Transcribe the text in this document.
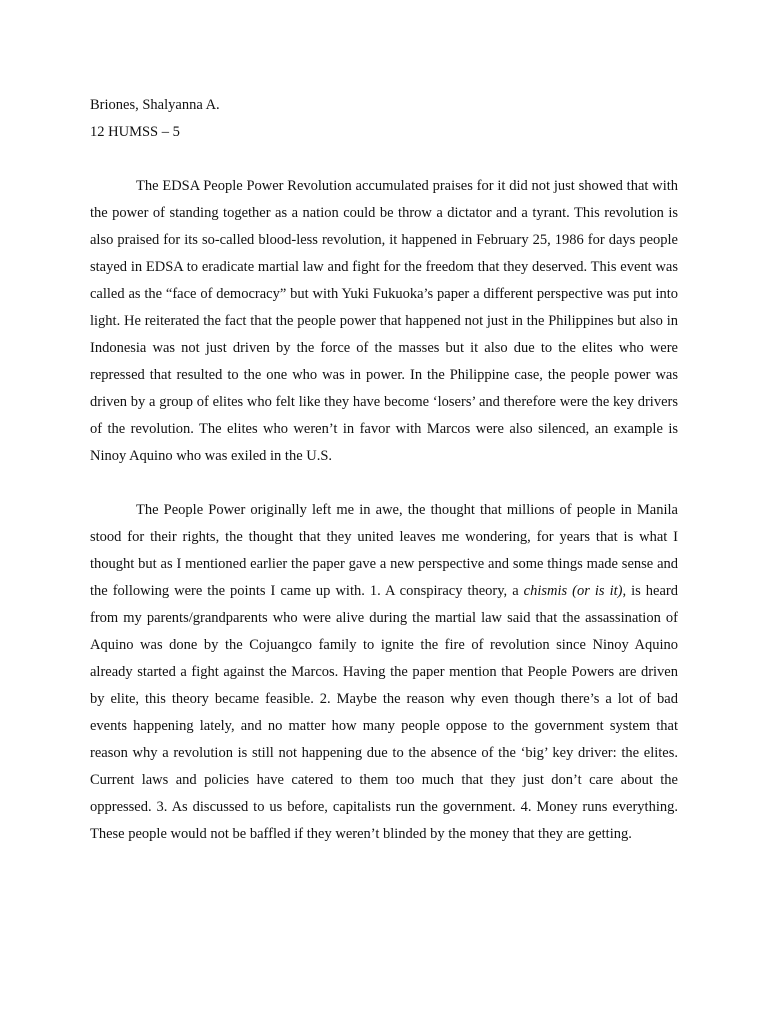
Briones, Shalyanna A.
12 HUMSS – 5

The EDSA People Power Revolution accumulated praises for it did not just showed that with the power of standing together as a nation could be throw a dictator and a tyrant. This revolution is also praised for its so-called blood-less revolution, it happened in February 25, 1986 for days people stayed in EDSA to eradicate martial law and fight for the freedom that they deserved. This event was called as the “face of democracy” but with Yuki Fukuoka’s paper a different perspective was put into light. He reiterated the fact that the people power that happened not just in the Philippines but also in Indonesia was not just driven by the force of the masses but it also due to the elites who were repressed that resulted to the one who was in power. In the Philippine case, the people power was driven by a group of elites who felt like they have become ‘losers’ and therefore were the key drivers of the revolution. The elites who weren’t in favor with Marcos were also silenced, an example is Ninoy Aquino who was exiled in the U.S.

The People Power originally left me in awe, the thought that millions of people in Manila stood for their rights, the thought that they united leaves me wondering, for years that is what I thought but as I mentioned earlier the paper gave a new perspective and some things made sense and the following were the points I came up with. 1. A conspiracy theory, a chismis (or is it), is heard from my parents/grandparents who were alive during the martial law said that the assassination of Aquino was done by the Cojuangco family to ignite the fire of revolution since Ninoy Aquino already started a fight against the Marcos. Having the paper mention that People Powers are driven by elite, this theory became feasible. 2. Maybe the reason why even though there’s a lot of bad events happening lately, and no matter how many people oppose to the government system that reason why a revolution is still not happening due to the absence of the ‘big’ key driver: the elites. Current laws and policies have catered to them too much that they just don’t care about the oppressed. 3. As discussed to us before, capitalists run the government. 4. Money runs everything. These people would not be baffled if they weren’t blinded by the money that they are getting.
